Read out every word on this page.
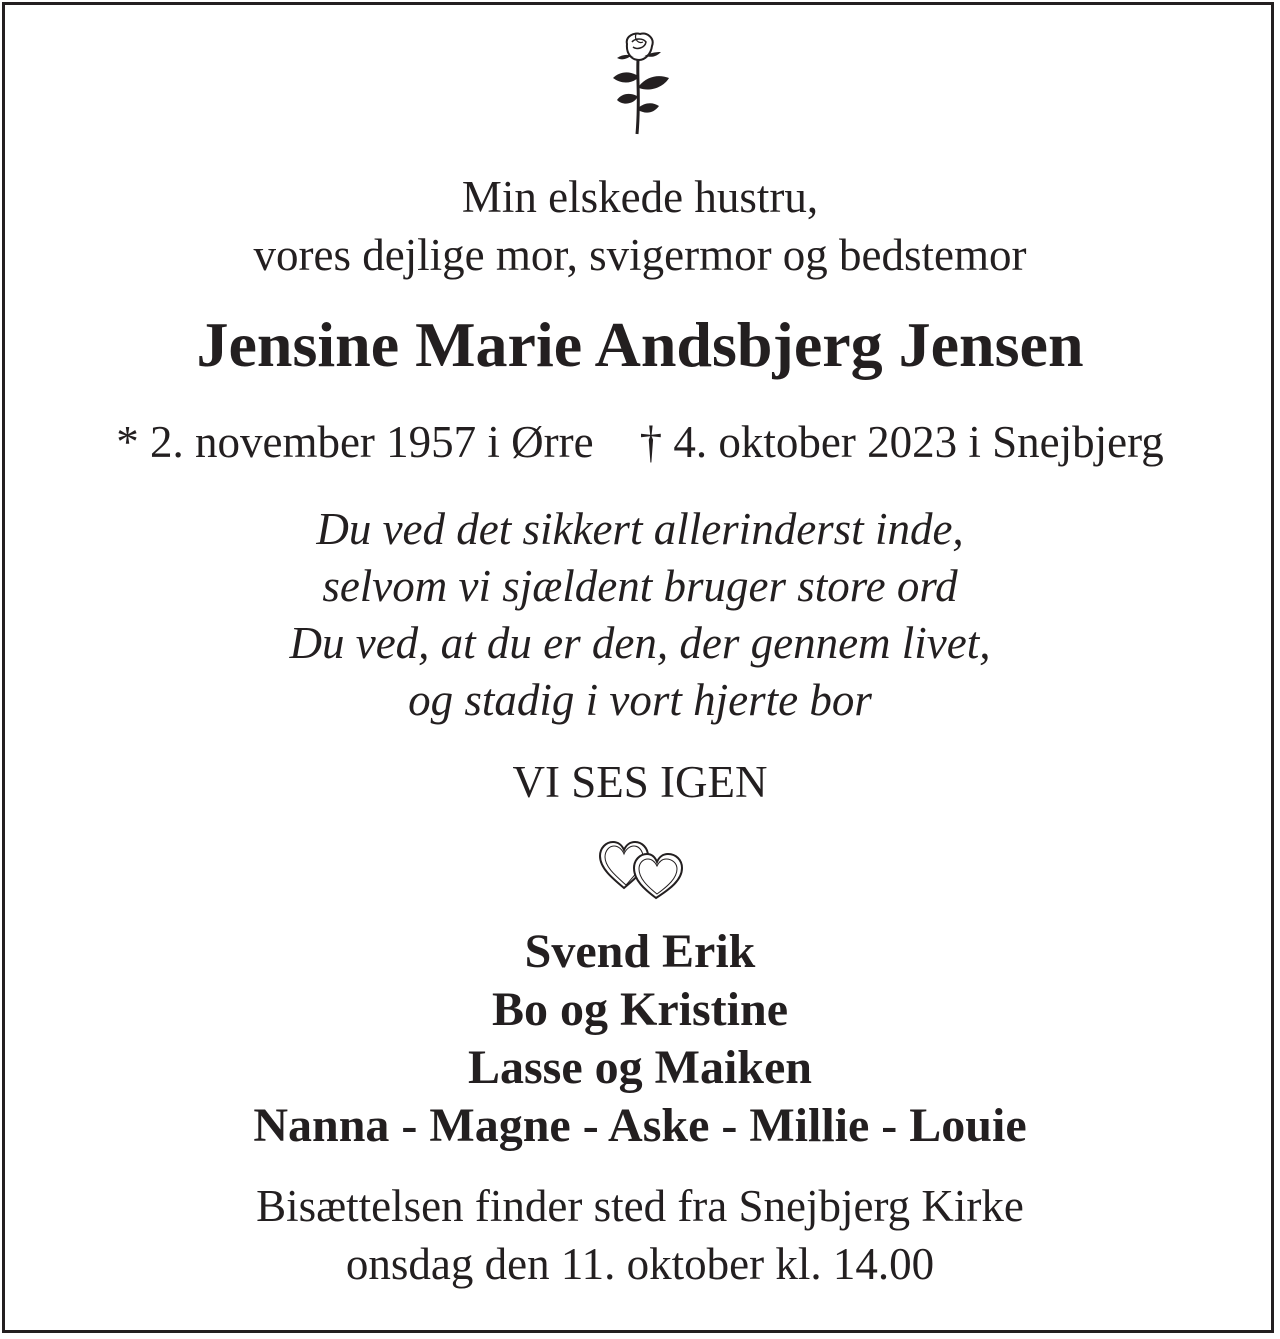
Min elskede hustru,
vores dejlige mor, svigermor og bedstemor
Jensine Marie Andsbjerg Jensen
* 2. november 1957 i Ørre † 4. oktober 2023 i Snejbjerg
Du ved det sikkert allerinderst inde,
selvom vi sjældent bruger store ord
Du ved, at du er den, der gennem livet,
og stadig i vort hjerte bor
VI SES IGEN
Svend Erik
Bo og Kristine
Lasse og Maiken
Nanna - Magne - Aske - Millie - Louie
Bisættelsen finder sted fra Snejbjerg Kirke
onsdag den 11. oktober kl. 14.00
